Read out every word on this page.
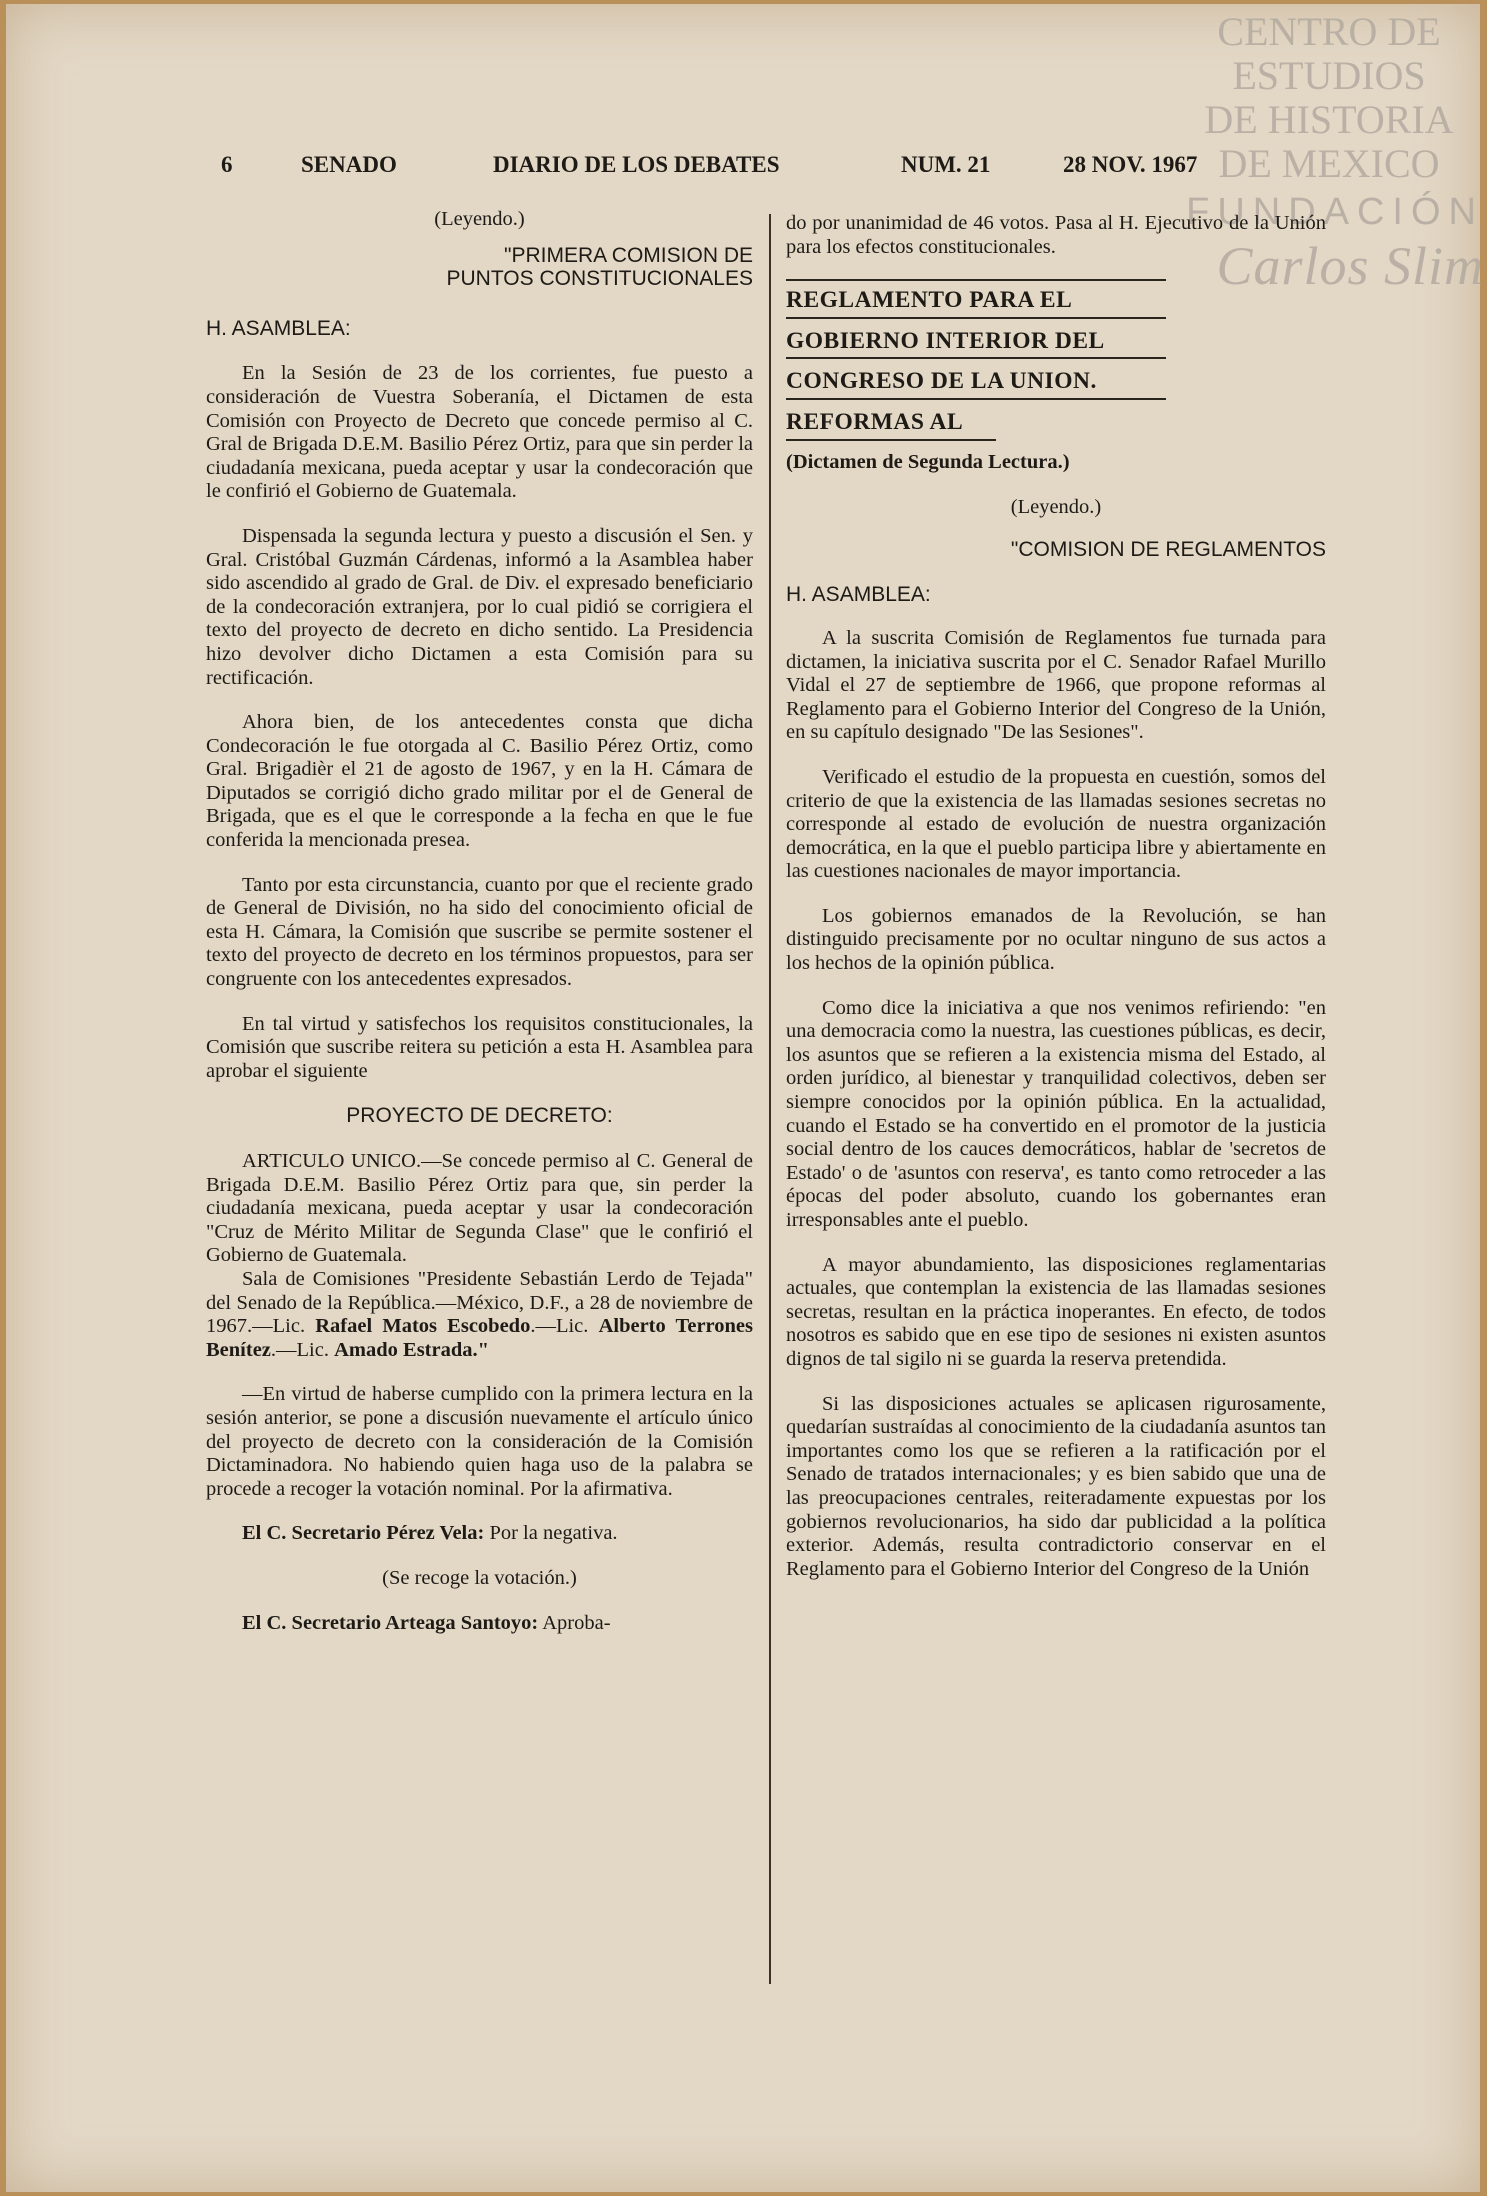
CENTRO DE
ESTUDIOS
DE HISTORIA
DE MEXICO
FUNDACIÓN
Carlos Slim
6	SENADO	DIARIO DE LOS DEBATES	NUM. 21	28 NOV. 1967

(Leyendo.)

"PRIMERA COMISION DE

PUNTOS CONSTITUCIONALES

H. ASAMBLEA:

En la Sesión de 23 de los corrientes, fue puesto a consideración de Vuestra Soberanía, el Dictamen de esta Comisión con Proyecto de Decreto que concede permiso al C. Gral de Brigada D.E.M. Basilio Pérez Ortiz, para que sin perder la ciudadanía mexicana, pueda aceptar y usar la condecoración que le confirió el Gobierno de Guatemala.

Dispensada la segunda lectura y puesto a discusión el Sen. y Gral. Cristóbal Guzmán Cárdenas, informó a la Asamblea haber sido ascendido al grado de Gral. de Div. el expresado beneficiario de la condecoración extranjera, por lo cual pidió se corrigiera el texto del proyecto de decreto en dicho sentido. La Presidencia hizo devolver dicho Dictamen a esta Comisión para su rectificación.

Ahora bien, de los antecedentes consta que dicha Condecoración le fue otorgada al C. Basilio Pérez Ortiz, como Gral. Brigadièr el 21 de agosto de 1967, y en la H. Cámara de Diputados se corrigió dicho grado militar por el de General de Brigada, que es el que le corresponde a la fecha en que le fue conferida la mencionada presea.

Tanto por esta circunstancia, cuanto por que el reciente grado de General de División, no ha sido del conocimiento oficial de esta H. Cámara, la Comisión que suscribe se permite sostener el texto del proyecto de decreto en los términos propuestos, para ser congruente con los antecedentes expresados.

En tal virtud y satisfechos los requisitos constitucionales, la Comisión que suscribe reitera su petición a esta H. Asamblea para aprobar el siguiente

PROYECTO DE DECRETO:

ARTICULO UNICO.—Se concede permiso al C. General de Brigada D.E.M. Basilio Pérez Ortiz para que, sin perder la ciudadanía mexicana, pueda aceptar y usar la condecoración "Cruz de Mérito Militar de Segunda Clase" que le confirió el Gobierno de Guatemala.

Sala de Comisiones "Presidente Sebastián Lerdo de Tejada" del Senado de la República.—México, D.F., a 28 de noviembre de 1967.—Lic. Rafael Matos Escobedo.—Lic. Alberto Terrones Benítez.—Lic. Amado Estrada."

—En virtud de haberse cumplido con la primera lectura en la sesión anterior, se pone a discusión nuevamente el artículo único del proyecto de decreto con la consideración de la Comisión Dictaminadora. No habiendo quien haga uso de la palabra se procede a recoger la votación nominal. Por la afirmativa.

El C. Secretario Pérez Vela: Por la negativa.

(Se recoge la votación.)

El C. Secretario Arteaga Santoyo: Aproba-

do por unanimidad de 46 votos. Pasa al H. Ejecutivo de la Unión para los efectos constitucionales.

REGLAMENTO PARA EL
GOBIERNO INTERIOR DEL
CONGRESO DE LA UNION.
REFORMAS AL

(Dictamen de Segunda Lectura.)

(Leyendo.)

"COMISION DE REGLAMENTOS

H. ASAMBLEA:

A la suscrita Comisión de Reglamentos fue turnada para dictamen, la iniciativa suscrita por el C. Senador Rafael Murillo Vidal el 27 de septiembre de 1966, que propone reformas al Reglamento para el Gobierno Interior del Congreso de la Unión, en su capítulo designado "De las Sesiones".

Verificado el estudio de la propuesta en cuestión, somos del criterio de que la existencia de las llamadas sesiones secretas no corresponde al estado de evolución de nuestra organización democrática, en la que el pueblo participa libre y abiertamente en las cuestiones nacionales de mayor importancia.

Los gobiernos emanados de la Revolución, se han distinguido precisamente por no ocultar ninguno de sus actos a los hechos de la opinión pública.

Como dice la iniciativa a que nos venimos refiriendo: "en una democracia como la nuestra, las cuestiones públicas, es decir, los asuntos que se refieren a la existencia misma del Estado, al orden jurídico, al bienestar y tranquilidad colectivos, deben ser siempre conocidos por la opinión pública. En la actualidad, cuando el Estado se ha convertido en el promotor de la justicia social dentro de los cauces democráticos, hablar de 'secretos de Estado' o de 'asuntos con reserva', es tanto como retroceder a las épocas del poder absoluto, cuando los gobernantes eran irresponsables ante el pueblo.

A mayor abundamiento, las disposiciones reglamentarias actuales, que contemplan la existencia de las llamadas sesiones secretas, resultan en la práctica inoperantes. En efecto, de todos nosotros es sabido que en ese tipo de sesiones ni existen asuntos dignos de tal sigilo ni se guarda la reserva pretendida.

Si las disposiciones actuales se aplicasen rigurosamente, quedarían sustraídas al conocimiento de la ciudadanía asuntos tan importantes como los que se refieren a la ratificación por el Senado de tratados internacionales; y es bien sabido que una de las preocupaciones centrales, reiteradamente expuestas por los gobiernos revolucionarios, ha sido dar publicidad a la política exterior. Además, resulta contradictorio conservar en el Reglamento para el Gobierno Interior del Congreso de la Unión
